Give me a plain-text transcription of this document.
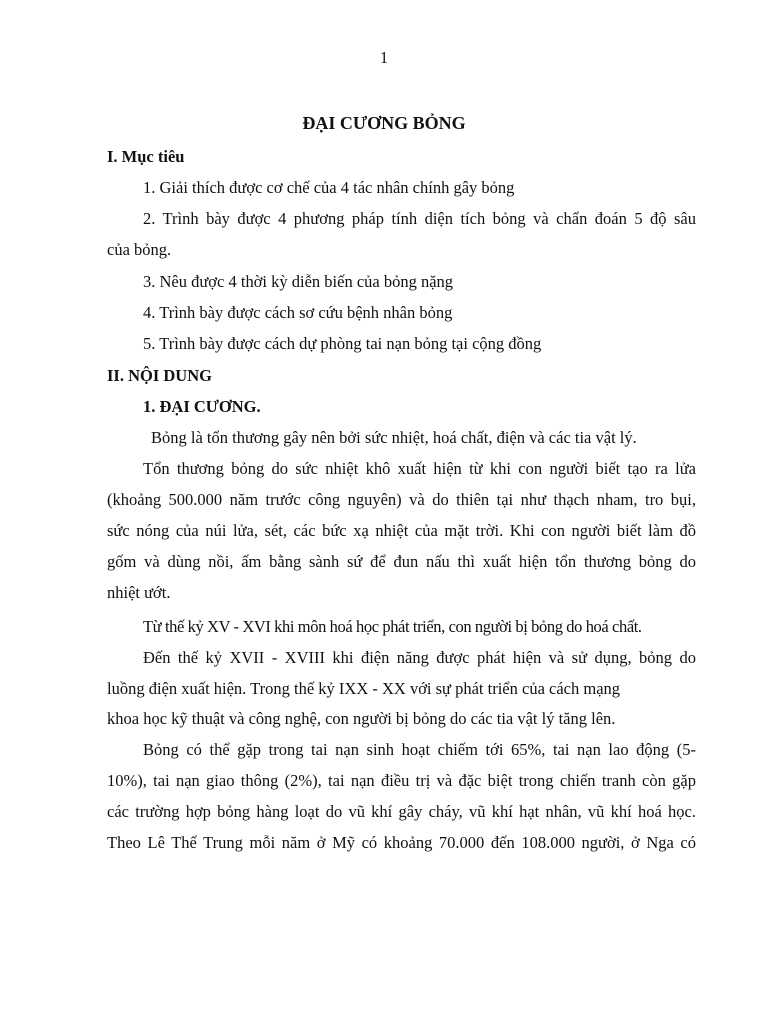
1
ĐẠI CƯƠNG BỎNG
I. Mục tiêu
1. Giải thích được cơ chế của 4 tác nhân chính gây bỏng
2. Trình bày được 4 phương pháp tính diện tích bỏng và chẩn đoán 5 độ sâu
của bỏng.
3. Nêu được 4 thời kỳ diễn biến của bỏng nặng
4. Trình bày được cách sơ cứu bệnh nhân bỏng
5. Trình bày được cách dự phòng tai nạn bỏng tại cộng đồng
II. NỘI DUNG
1. ĐẠI CƯƠNG.
Bỏng là tổn thương gây nên bởi sức nhiệt, hoá chất, điện và các tia vật lý.
Tổn thương bỏng do sức nhiệt khô xuất hiện từ khi con người biết tạo ra lửa
(khoảng 500.000 năm trước công nguyên) và do thiên tại như thạch nham, tro bụi,
sức nóng của núi lửa, sét, các bức xạ nhiệt của mặt trời. Khi con người biết làm đồ
gốm và dùng nồi, ấm bằng sành sứ để đun nấu thì xuất hiện tổn thương bỏng do
nhiệt ướt.
Từ thế kỷ XV - XVI khi môn hoá học phát triển, con người bị bỏng do hoá chất.
Đến thế kỷ XVII - XVIII khi điện năng được phát hiện và sử dụng, bỏng do
luồng điện xuất hiện. Trong thế kỷ IXX - XX với sự phát triển của cách mạng
khoa học kỹ thuật và công nghệ, con người bị bỏng do các tia vật lý tăng lên.
Bỏng có thể gặp trong tai nạn sinh hoạt chiếm tới 65%, tai nạn lao động (5-
10%), tai nạn giao thông (2%), tai nạn điều trị và đặc biệt trong chiến tranh còn gặp
các trường hợp bỏng hàng loạt do vũ khí gây cháy, vũ khí hạt nhân, vũ khí hoá học.
Theo Lê Thế Trung mỗi năm ở Mỹ có khoảng 70.000 đến 108.000 người, ở Nga có
